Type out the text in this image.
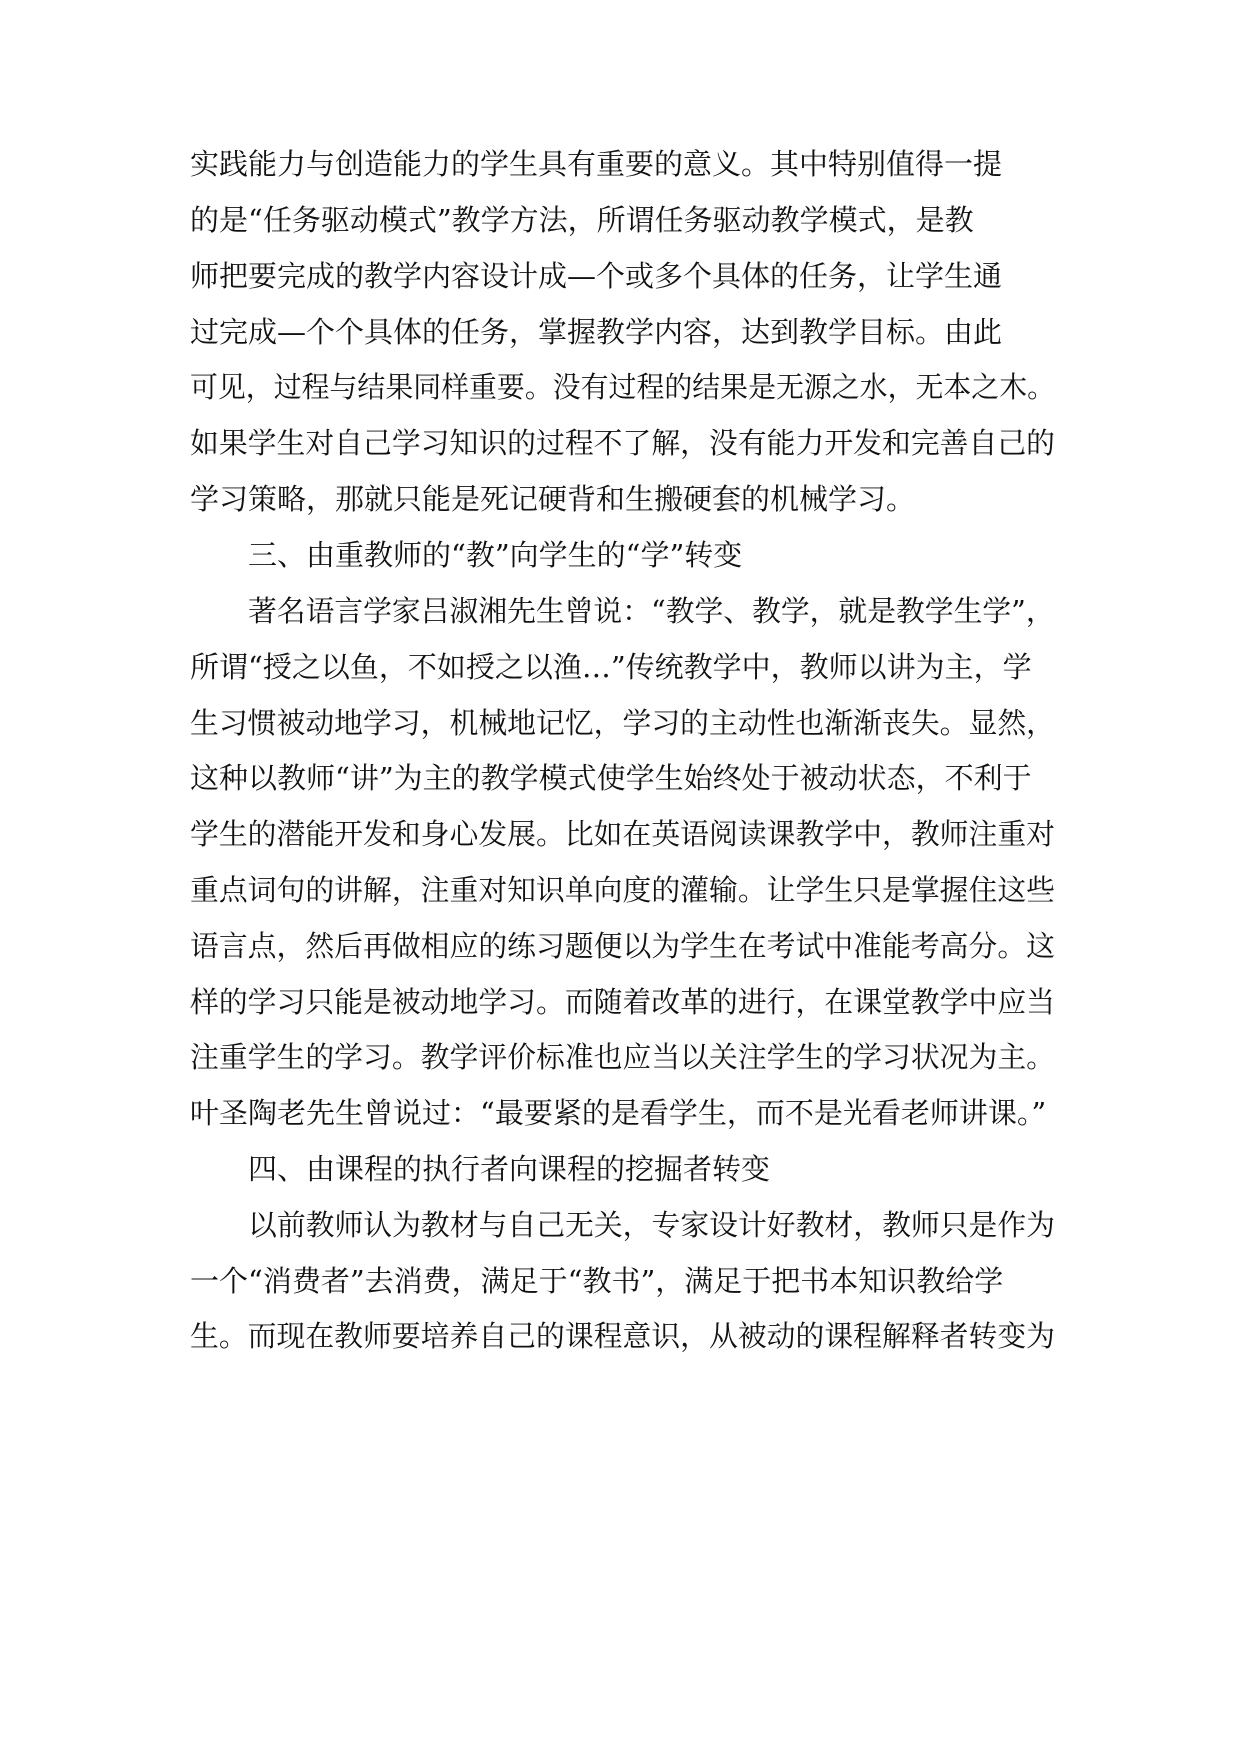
实践能力与创造能力的学生具有重要的意义。其中特别值得一提
的是“任务驱动模式”教学方法，所谓任务驱动教学模式，是教
师把要完成的教学内容设计成—个或多个具体的任务，让学生通
过完成—个个具体的任务，掌握教学内容，达到教学目标。由此
可见，过程与结果同样重要。没有过程的结果是无源之水，无本之木。
如果学生对自己学习知识的过程不了解，没有能力开发和完善自己的
学习策略，那就只能是死记硬背和生搬硬套的机械学习。
三、由重教师的“教”向学生的“学”转变
著名语言学家吕淑湘先生曾说：“教学、教学，就是教学生学”，
所谓“授之以鱼，不如授之以渔…”传统教学中，教师以讲为主，学
生习惯被动地学习，机械地记忆，学习的主动性也渐渐丧失。显然，
这种以教师“讲”为主的教学模式使学生始终处于被动状态，不利于
学生的潜能开发和身心发展。比如在英语阅读课教学中，教师注重对
重点词句的讲解，注重对知识单向度的灌输。让学生只是掌握住这些
语言点，然后再做相应的练习题便以为学生在考试中准能考高分。这
样的学习只能是被动地学习。而随着改革的进行，在课堂教学中应当
注重学生的学习。教学评价标准也应当以关注学生的学习状况为主。
叶圣陶老先生曾说过：“最要紧的是看学生，而不是光看老师讲课。”
四、由课程的执行者向课程的挖掘者转变
以前教师认为教材与自己无关，专家设计好教材，教师只是作为
一个“消费者”去消费，满足于“教书”，满足于把书本知识教给学
生。而现在教师要培养自己的课程意识，从被动的课程解释者转变为
